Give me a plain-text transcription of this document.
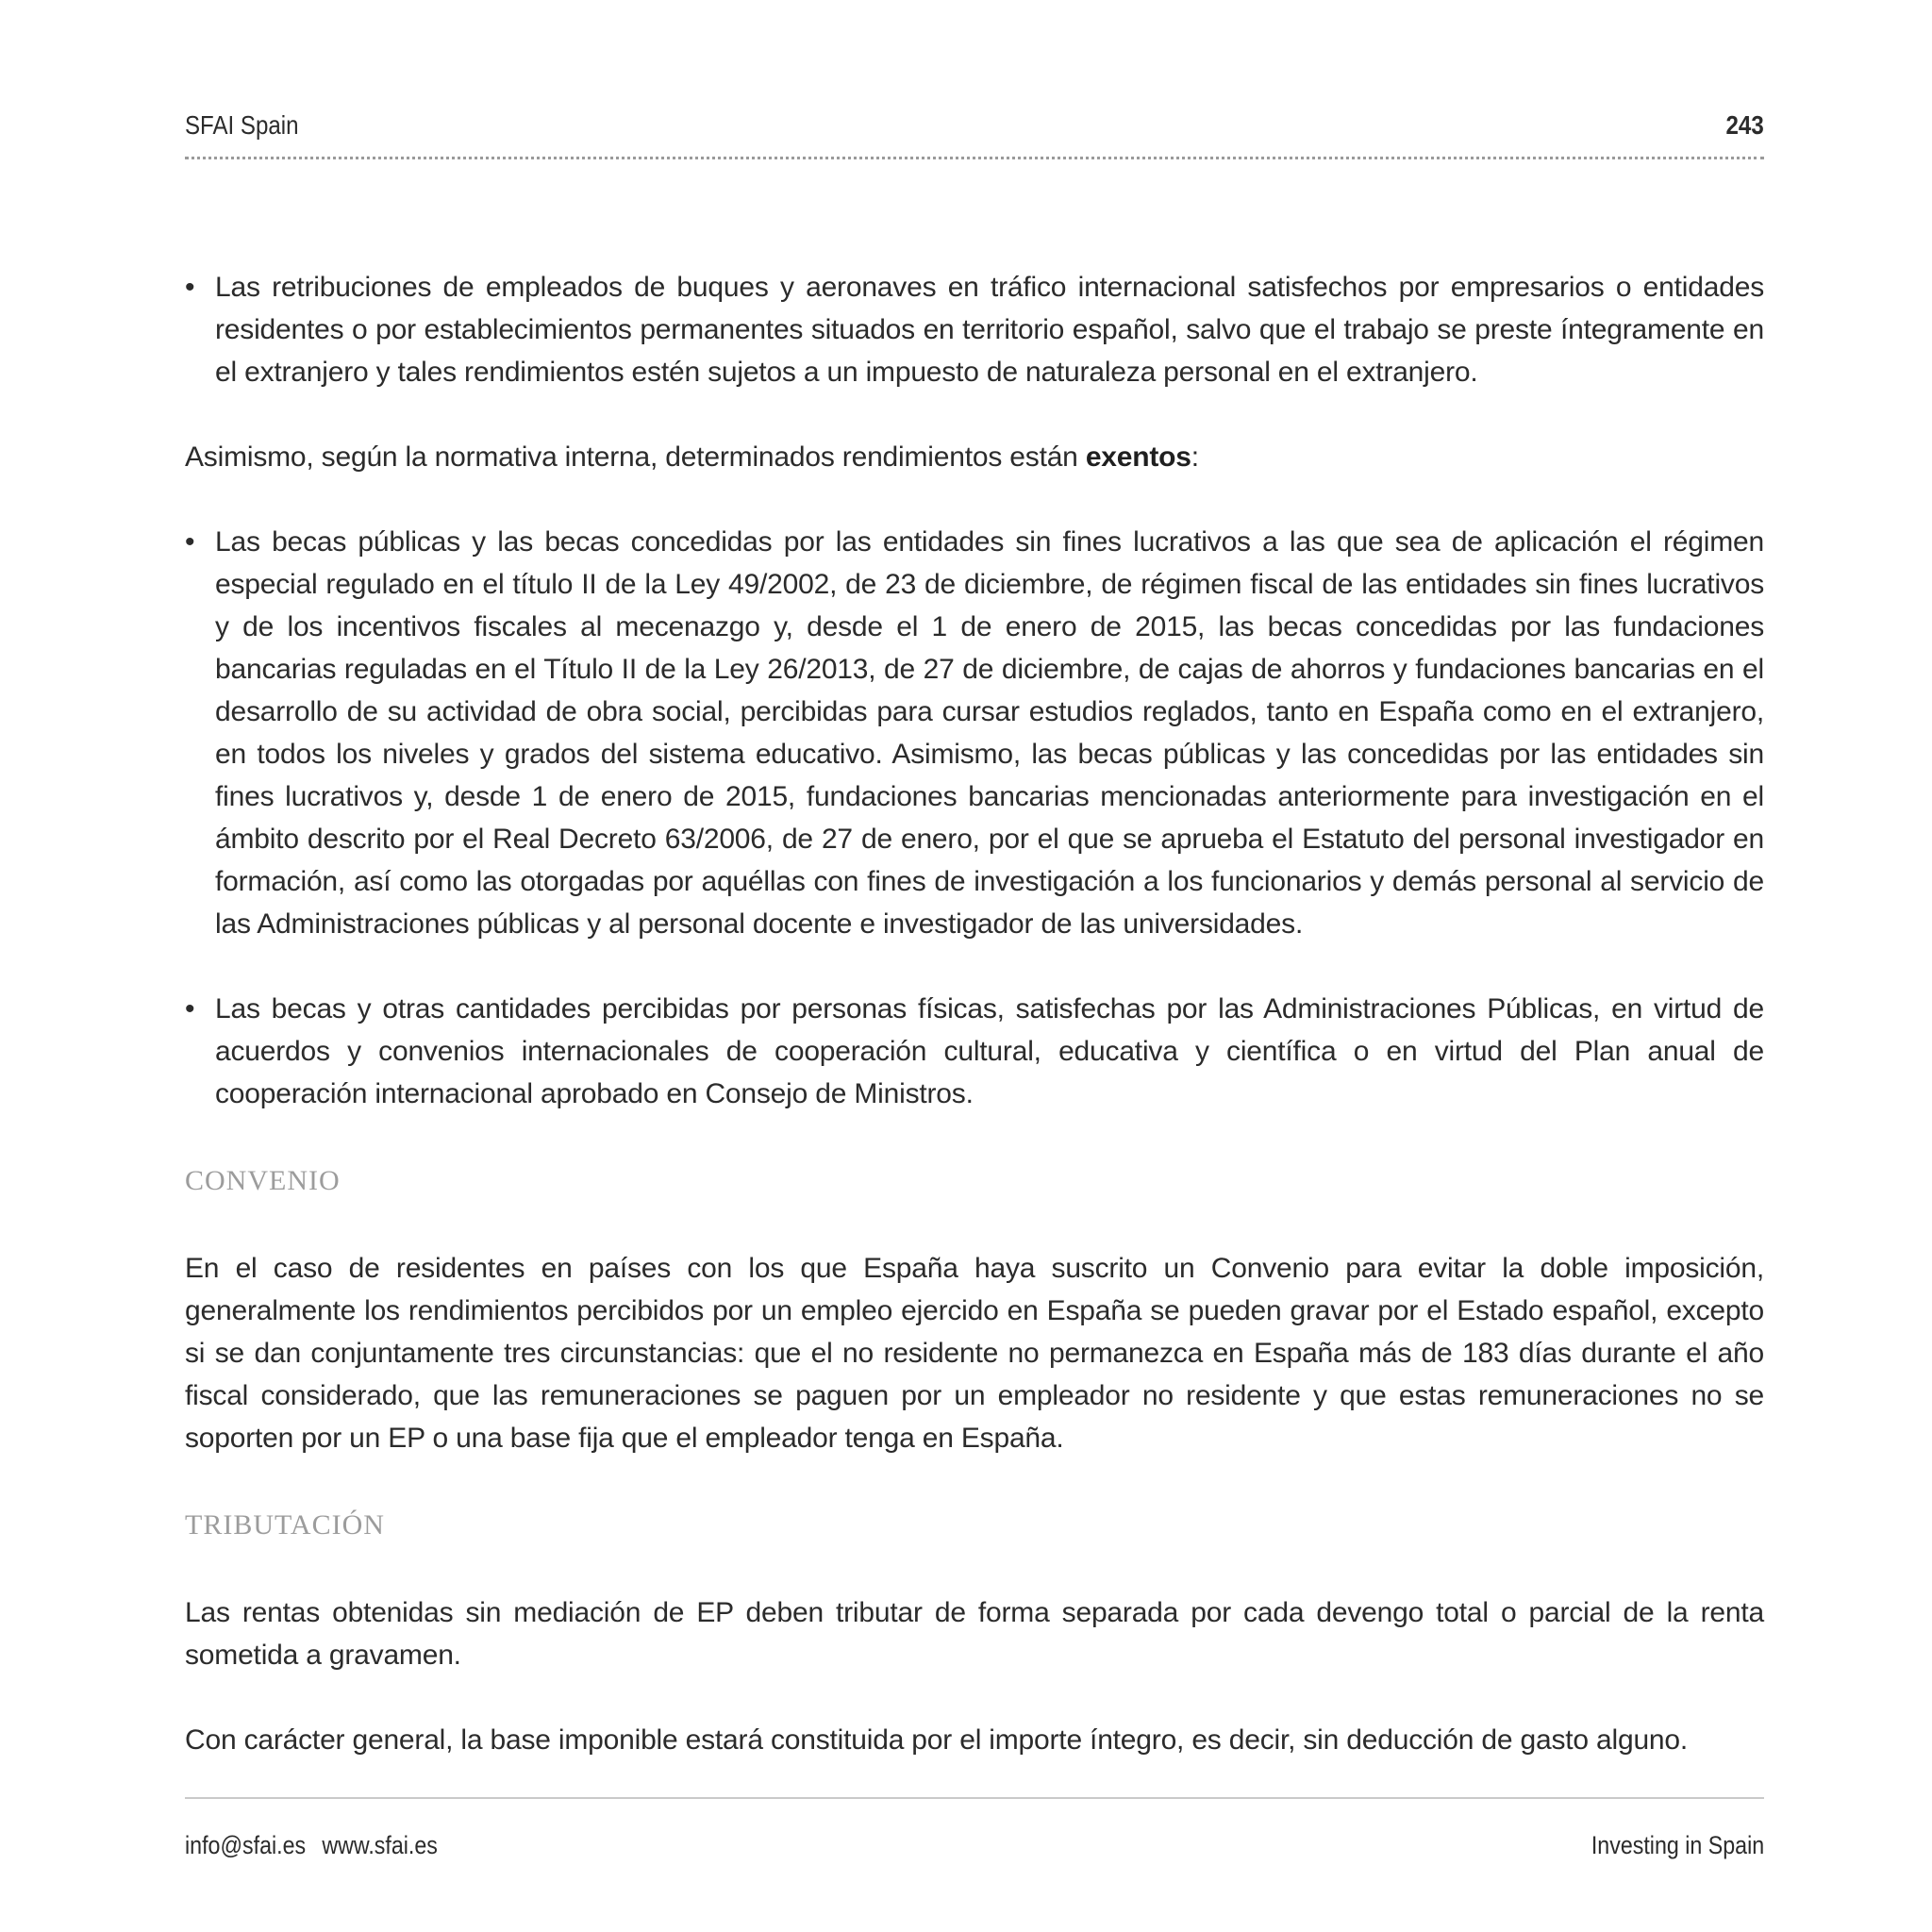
SFAI Spain	243
• Las retribuciones de empleados de buques y aeronaves en tráfico internacional satisfechos por empresarios o entidades residentes o por establecimientos permanentes situados en territorio español, salvo que el trabajo se preste íntegramente en el extranjero y tales rendimientos estén sujetos a un impuesto de naturaleza personal en el extranjero.

Asimismo, según la normativa interna, determinados rendimientos están exentos:

• Las becas públicas y las becas concedidas por las entidades sin fines lucrativos a las que sea de aplicación el régimen especial regulado en el título II de la Ley 49/2002, de 23 de diciembre, de régimen fiscal de las entidades sin fines lucrativos y de los incentivos fiscales al mecenazgo y, desde el 1 de enero de 2015, las becas concedidas por las fundaciones bancarias reguladas en el Título II de la Ley 26/2013, de 27 de diciembre, de cajas de ahorros y fundaciones bancarias en el desarrollo de su actividad de obra social, percibidas para cursar estudios reglados, tanto en España como en el extranjero, en todos los niveles y grados del sistema educativo. Asimismo, las becas públicas y las concedidas por las entidades sin fines lucrativos y, desde 1 de enero de 2015, fundaciones bancarias mencionadas anteriormente para investigación en el ámbito descrito por el Real Decreto 63/2006, de 27 de enero, por el que se aprueba el Estatuto del personal investigador en formación, así como las otorgadas por aquéllas con fines de investigación a los funcionarios y demás personal al servicio de las Administraciones públicas y al personal docente e investigador de las universidades.
• Las becas y otras cantidades percibidas por personas físicas, satisfechas por las Administraciones Públicas, en virtud de acuerdos y convenios internacionales de cooperación cultural, educativa y científica o en virtud del Plan anual de cooperación internacional aprobado en Consejo de Ministros.
CONVENIO

En el caso de residentes en países con los que España haya suscrito un Convenio para evitar la doble imposición, generalmente los rendimientos percibidos por un empleo ejercido en España se pueden gravar por el Estado español, excepto si se dan conjuntamente tres circunstancias: que el no residente no permanezca en España más de 183 días durante el año fiscal considerado, que las remuneraciones se paguen por un empleador no residente y que estas remuneraciones no se soporten por un EP o una base fija que el empleador tenga en España.

TRIBUTACIÓN

Las rentas obtenidas sin mediación de EP deben tributar de forma separada por cada devengo total o parcial de la renta sometida a gravamen.

Con carácter general, la base imponible estará constituida por el importe íntegro, es decir, sin deducción de gasto alguno.

info@sfai.es www.sfai.es	Investing in Spain
